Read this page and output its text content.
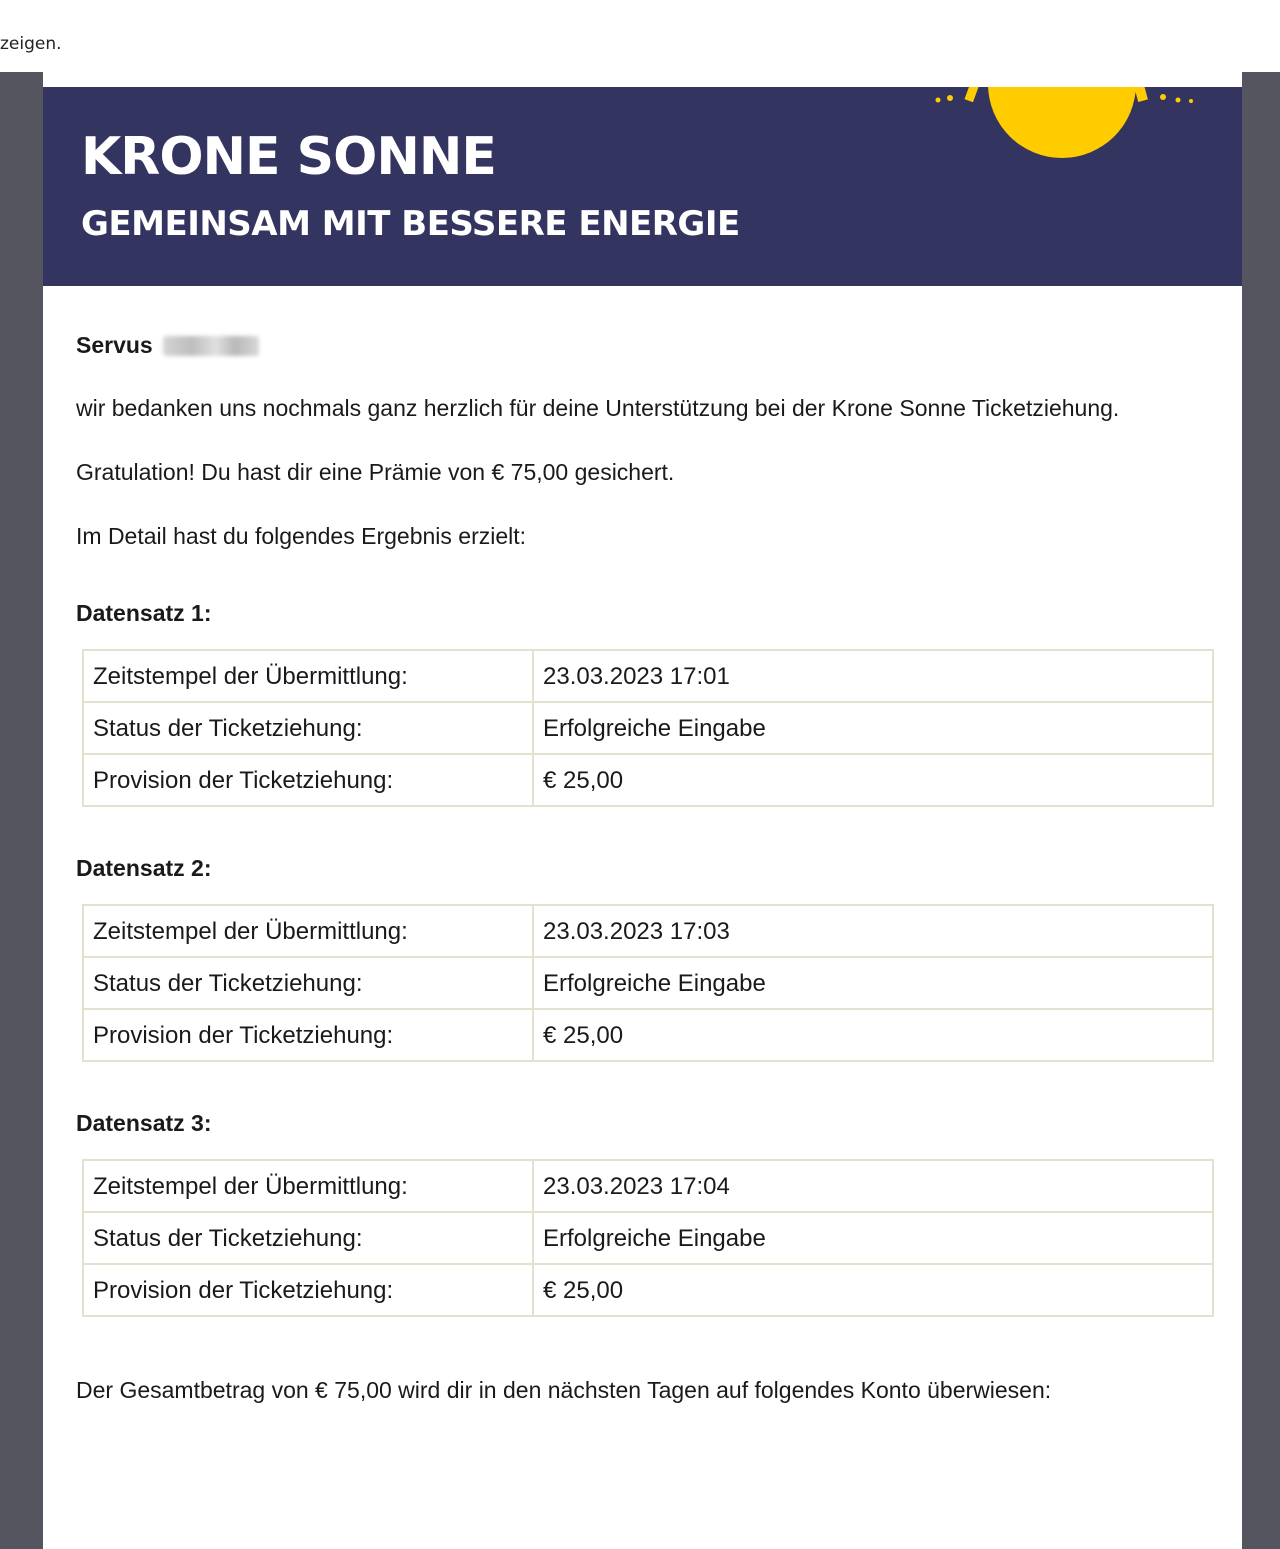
zeigen.
KRONE SONNE
GEMEINSAM MIT BESSERE ENERGIE

Servus

wir bedanken uns nochmals ganz herzlich für deine Unterstützung bei der Krone Sonne Ticketziehung.

Gratulation! Du hast dir eine Prämie von € 75,00 gesichert.

Im Detail hast du folgendes Ergebnis erzielt:

Datensatz 1:

Zeitstempel der Übermittlung:	23.03.2023 17:01
Status der Ticketziehung:	Erfolgreiche Eingabe
Provision der Ticketziehung:	€ 25,00

Datensatz 2:

Zeitstempel der Übermittlung:	23.03.2023 17:03
Status der Ticketziehung:	Erfolgreiche Eingabe
Provision der Ticketziehung:	€ 25,00

Datensatz 3:

Zeitstempel der Übermittlung:	23.03.2023 17:04
Status der Ticketziehung:	Erfolgreiche Eingabe
Provision der Ticketziehung:	€ 25,00

Der Gesamtbetrag von € 75,00 wird dir in den nächsten Tagen auf folgendes Konto überwiesen:
